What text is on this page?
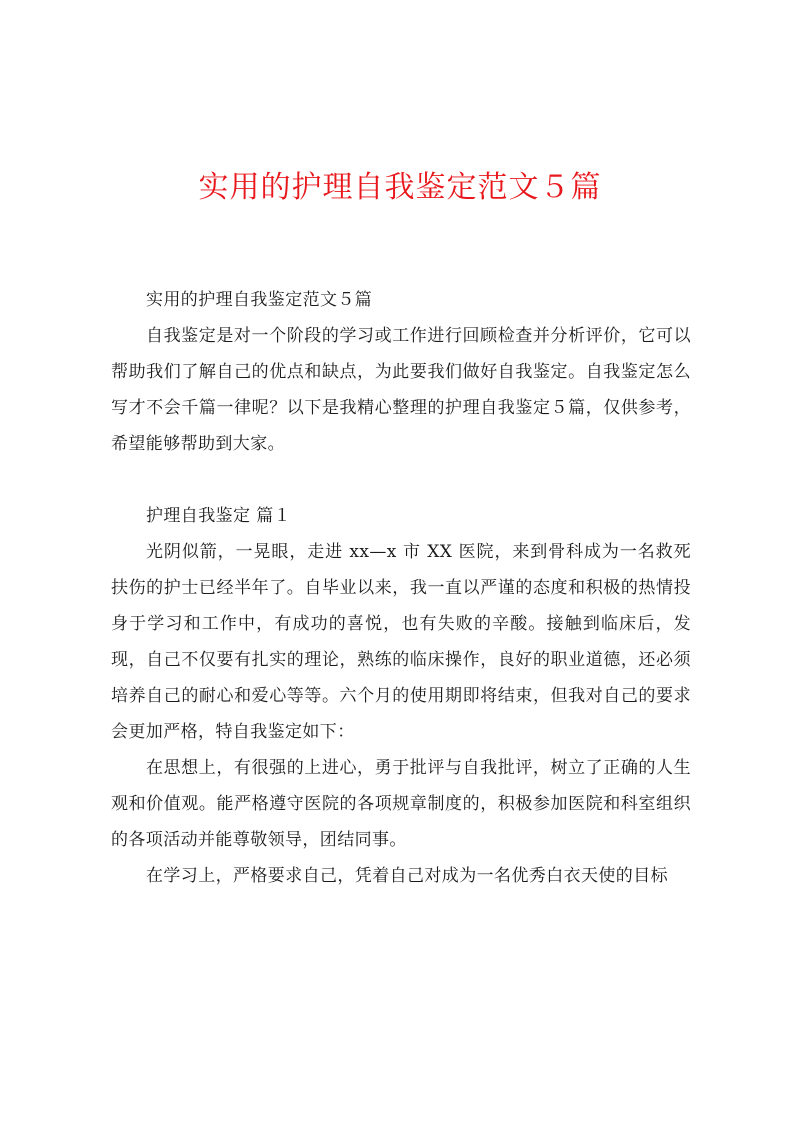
实用的护理自我鉴定范文５篇

实用的护理自我鉴定范文５篇

自我鉴定是对一个阶段的学习或工作进行回顾检查并分析评价，它可以帮助我们了解自己的优点和缺点，为此要我们做好自我鉴定。自我鉴定怎么写才不会千篇一律呢？以下是我精心整理的护理自我鉴定５篇，仅供参考，希望能够帮助到大家。

护理自我鉴定 篇１

光阴似箭，一晃眼，走进 xx—x 市 XX 医院，来到骨科成为一名救死扶伤的护士已经半年了。自毕业以来，我一直以严谨的态度和积极的热情投身于学习和工作中，有成功的喜悦，也有失败的辛酸。接触到临床后，发现，自己不仅要有扎实的理论，熟练的临床操作，良好的职业道德，还必须培养自己的耐心和爱心等等。六个月的使用期即将结束，但我对自己的要求会更加严格，特自我鉴定如下：

在思想上，有很强的上进心，勇于批评与自我批评，树立了正确的人生观和价值观。能严格遵守医院的各项规章制度的，积极参加医院和科室组织的各项活动并能尊敬领导，团结同事。

在学习上，严格要求自己，凭着自己对成为一名优秀白衣天使的目标
